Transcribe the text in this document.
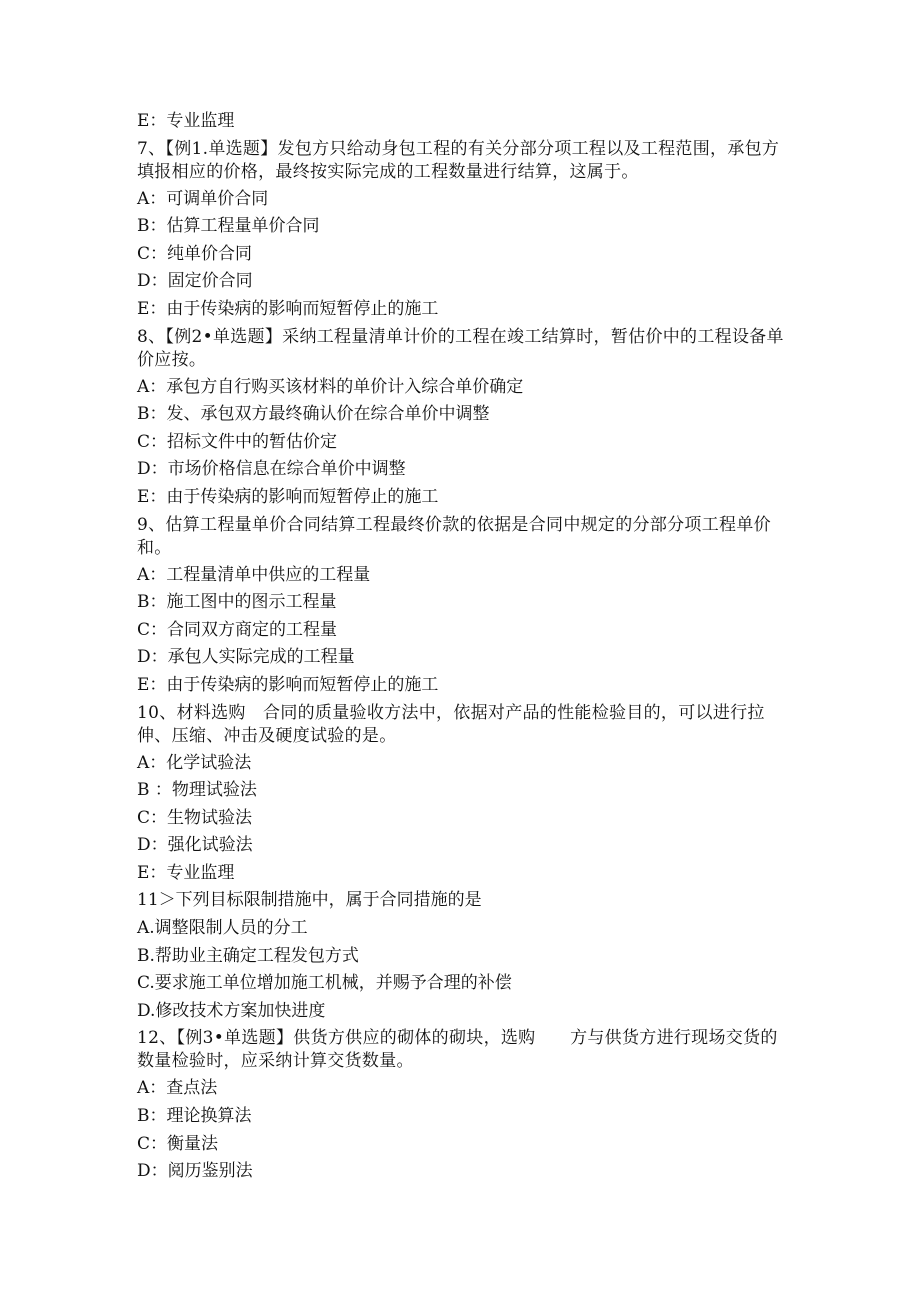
E：专业监理
7、【例1.单选题】发包方只给动身包工程的有关分部分项工程以及工程范围，承包方填报相应的价格，最终按实际完成的工程数量进行结算，这属于。
A：可调单价合同
B：估算工程量单价合同
C：纯单价合同
D：固定价合同
E：由于传染病的影响而短暂停止的施工
8、【例2•单选题】采纳工程量清单计价的工程在竣工结算时，暂估价中的工程设备单价应按。
A：承包方自行购买该材料的单价计入综合单价确定
B：发、承包双方最终确认价在综合单价中调整
C：招标文件中的暂估价定
D：市场价格信息在综合单价中调整
E：由于传染病的影响而短暂停止的施工
9、估算工程量单价合同结算工程最终价款的依据是合同中规定的分部分项工程单价和。
A：工程量清单中供应的工程量
B：施工图中的图示工程量
C：合同双方商定的工程量
D：承包人实际完成的工程量
E：由于传染病的影响而短暂停止的施工
10、材料选购　合同的质量验收方法中，依据对产品的性能检验目的，可以进行拉伸、压缩、冲击及硬度试验的是。
A：化学试验法
B ：物理试验法
C：生物试验法
D：强化试验法
E：专业监理
11＞下列目标限制措施中，属于合同措施的是
A.调整限制人员的分工
B.帮助业主确定工程发包方式
C.要求施工单位增加施工机械，并赐予合理的补偿
D.修改技术方案加快进度
12、【例3•单选题】供货方供应的砌体的砌块，选购　　方与供货方进行现场交货的数量检验时，应采纳计算交货数量。
A：查点法
B：理论换算法
C：衡量法
D：阅历鉴别法
